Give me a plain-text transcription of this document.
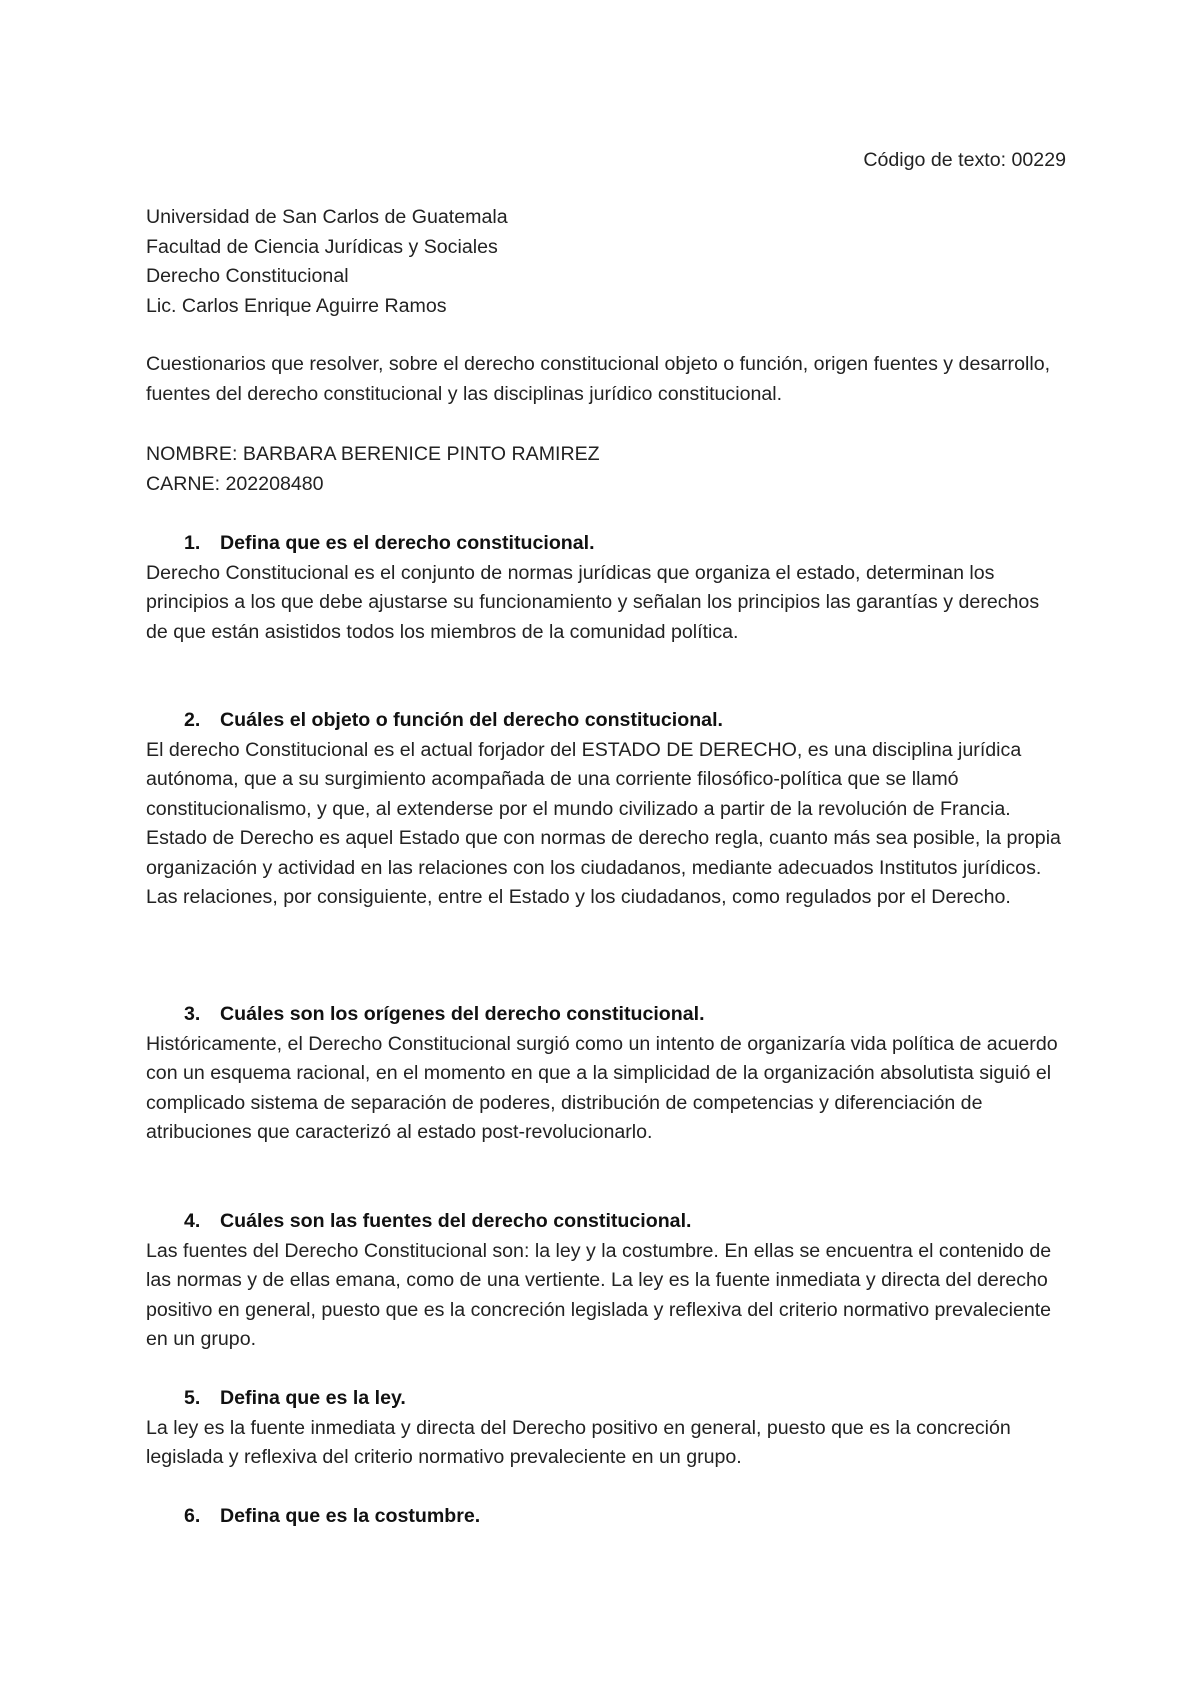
Código de texto: 00229
Universidad de San Carlos de Guatemala
Facultad de Ciencia Jurídicas y Sociales
Derecho Constitucional
Lic. Carlos Enrique Aguirre Ramos
Cuestionarios que resolver, sobre el derecho constitucional objeto o función, origen fuentes y desarrollo, fuentes del derecho constitucional y las disciplinas jurídico constitucional.
NOMBRE: BARBARA BERENICE PINTO RAMIREZ
CARNE: 202208480
1. Defina que es el derecho constitucional.
Derecho Constitucional es el conjunto de normas jurídicas que organiza el estado, determinan los principios a los que debe ajustarse su funcionamiento y señalan los principios las garantías y derechos de que están asistidos todos los miembros de la comunidad política.
2. Cuáles el objeto o función del derecho constitucional.
El derecho Constitucional es el actual forjador del ESTADO DE DERECHO, es una disciplina jurídica autónoma, que a su surgimiento acompañada de una corriente filosófico-política que se llamó constitucionalismo, y que, al extenderse por el mundo civilizado a partir de la revolución de Francia.
Estado de Derecho es aquel Estado que con normas de derecho regla, cuanto más sea posible, la propia organización y actividad en las relaciones con los ciudadanos, mediante adecuados Institutos jurídicos. Las relaciones, por consiguiente, entre el Estado y los ciudadanos, como regulados por el Derecho.
3. Cuáles son los orígenes del derecho constitucional.
Históricamente, el Derecho Constitucional surgió como un intento de organizaría vida política de acuerdo con un esquema racional, en el momento en que a la simplicidad de la organización absolutista siguió el complicado sistema de separación de poderes, distribución de competencias y diferenciación de atribuciones que caracterizó al estado post-revolucionarlo.
4. Cuáles son las fuentes del derecho constitucional.
Las fuentes del Derecho Constitucional son: la ley y la costumbre. En ellas se encuentra el contenido de las normas y de ellas emana, como de una vertiente. La ley es la fuente inmediata y directa del derecho positivo en general, puesto que es la concreción legislada y reflexiva del criterio normativo prevaleciente en un grupo.
5. Defina que es la ley.
La ley es la fuente inmediata y directa del Derecho positivo en general, puesto que es la concreción legislada y reflexiva del criterio normativo prevaleciente en un grupo.
6. Defina que es la costumbre.
